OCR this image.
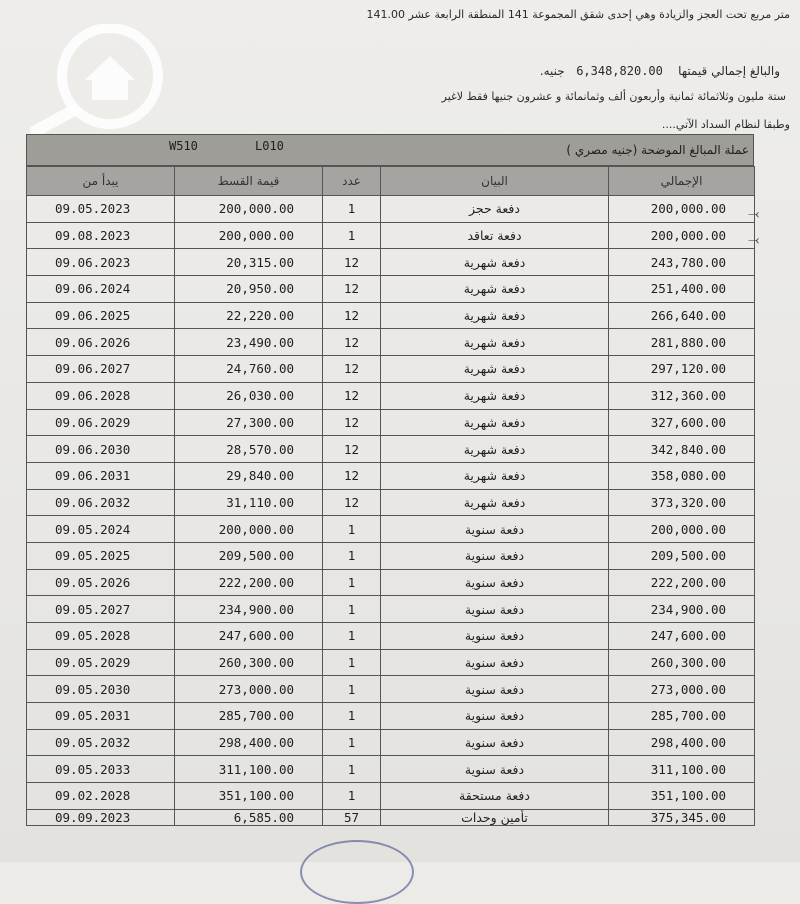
متر مربع تحت العجز والزيادة وهي إحدى شقق المجموعة 141 المنطقة الرابعة عشر 141.00
والبالغ إجمالي قيمتها    6,348,820.00   جنيه.
ستة مليون وثلاثمائة ثمانية وأربعون ألف وثمانمائة و عشرون جنيها فقط لاغير
وطبقا لنظام السداد الآتي....
W510	L010	عملة المبالغ الموضحة (جنيه مصري )
يبدأ من	قيمة القسط	عدد	البيان	الإجمالي
09.05.2023	200,000.00	1	دفعة حجز	200,000.00
09.08.2023	200,000.00	1	دفعة تعاقد	200,000.00
09.06.2023	20,315.00	12	دفعة شهرية	243,780.00
09.06.2024	20,950.00	12	دفعة شهرية	251,400.00
09.06.2025	22,220.00	12	دفعة شهرية	266,640.00
09.06.2026	23,490.00	12	دفعة شهرية	281,880.00
09.06.2027	24,760.00	12	دفعة شهرية	297,120.00
09.06.2028	26,030.00	12	دفعة شهرية	312,360.00
09.06.2029	27,300.00	12	دفعة شهرية	327,600.00
09.06.2030	28,570.00	12	دفعة شهرية	342,840.00
09.06.2031	29,840.00	12	دفعة شهرية	358,080.00
09.06.2032	31,110.00	12	دفعة شهرية	373,320.00
09.05.2024	200,000.00	1	دفعة سنوية	200,000.00
09.05.2025	209,500.00	1	دفعة سنوية	209,500.00
09.05.2026	222,200.00	1	دفعة سنوية	222,200.00
09.05.2027	234,900.00	1	دفعة سنوية	234,900.00
09.05.2028	247,600.00	1	دفعة سنوية	247,600.00
09.05.2029	260,300.00	1	دفعة سنوية	260,300.00
09.05.2030	273,000.00	1	دفعة سنوية	273,000.00
09.05.2031	285,700.00	1	دفعة سنوية	285,700.00
09.05.2032	298,400.00	1	دفعة سنوية	298,400.00
09.05.2033	311,100.00	1	دفعة سنوية	311,100.00
09.02.2028	351,100.00	1	دفعة مستحقة	351,100.00
09.09.2023	6,585.00	57	تأمين وحدات	375,345.00
⤙
⤙
